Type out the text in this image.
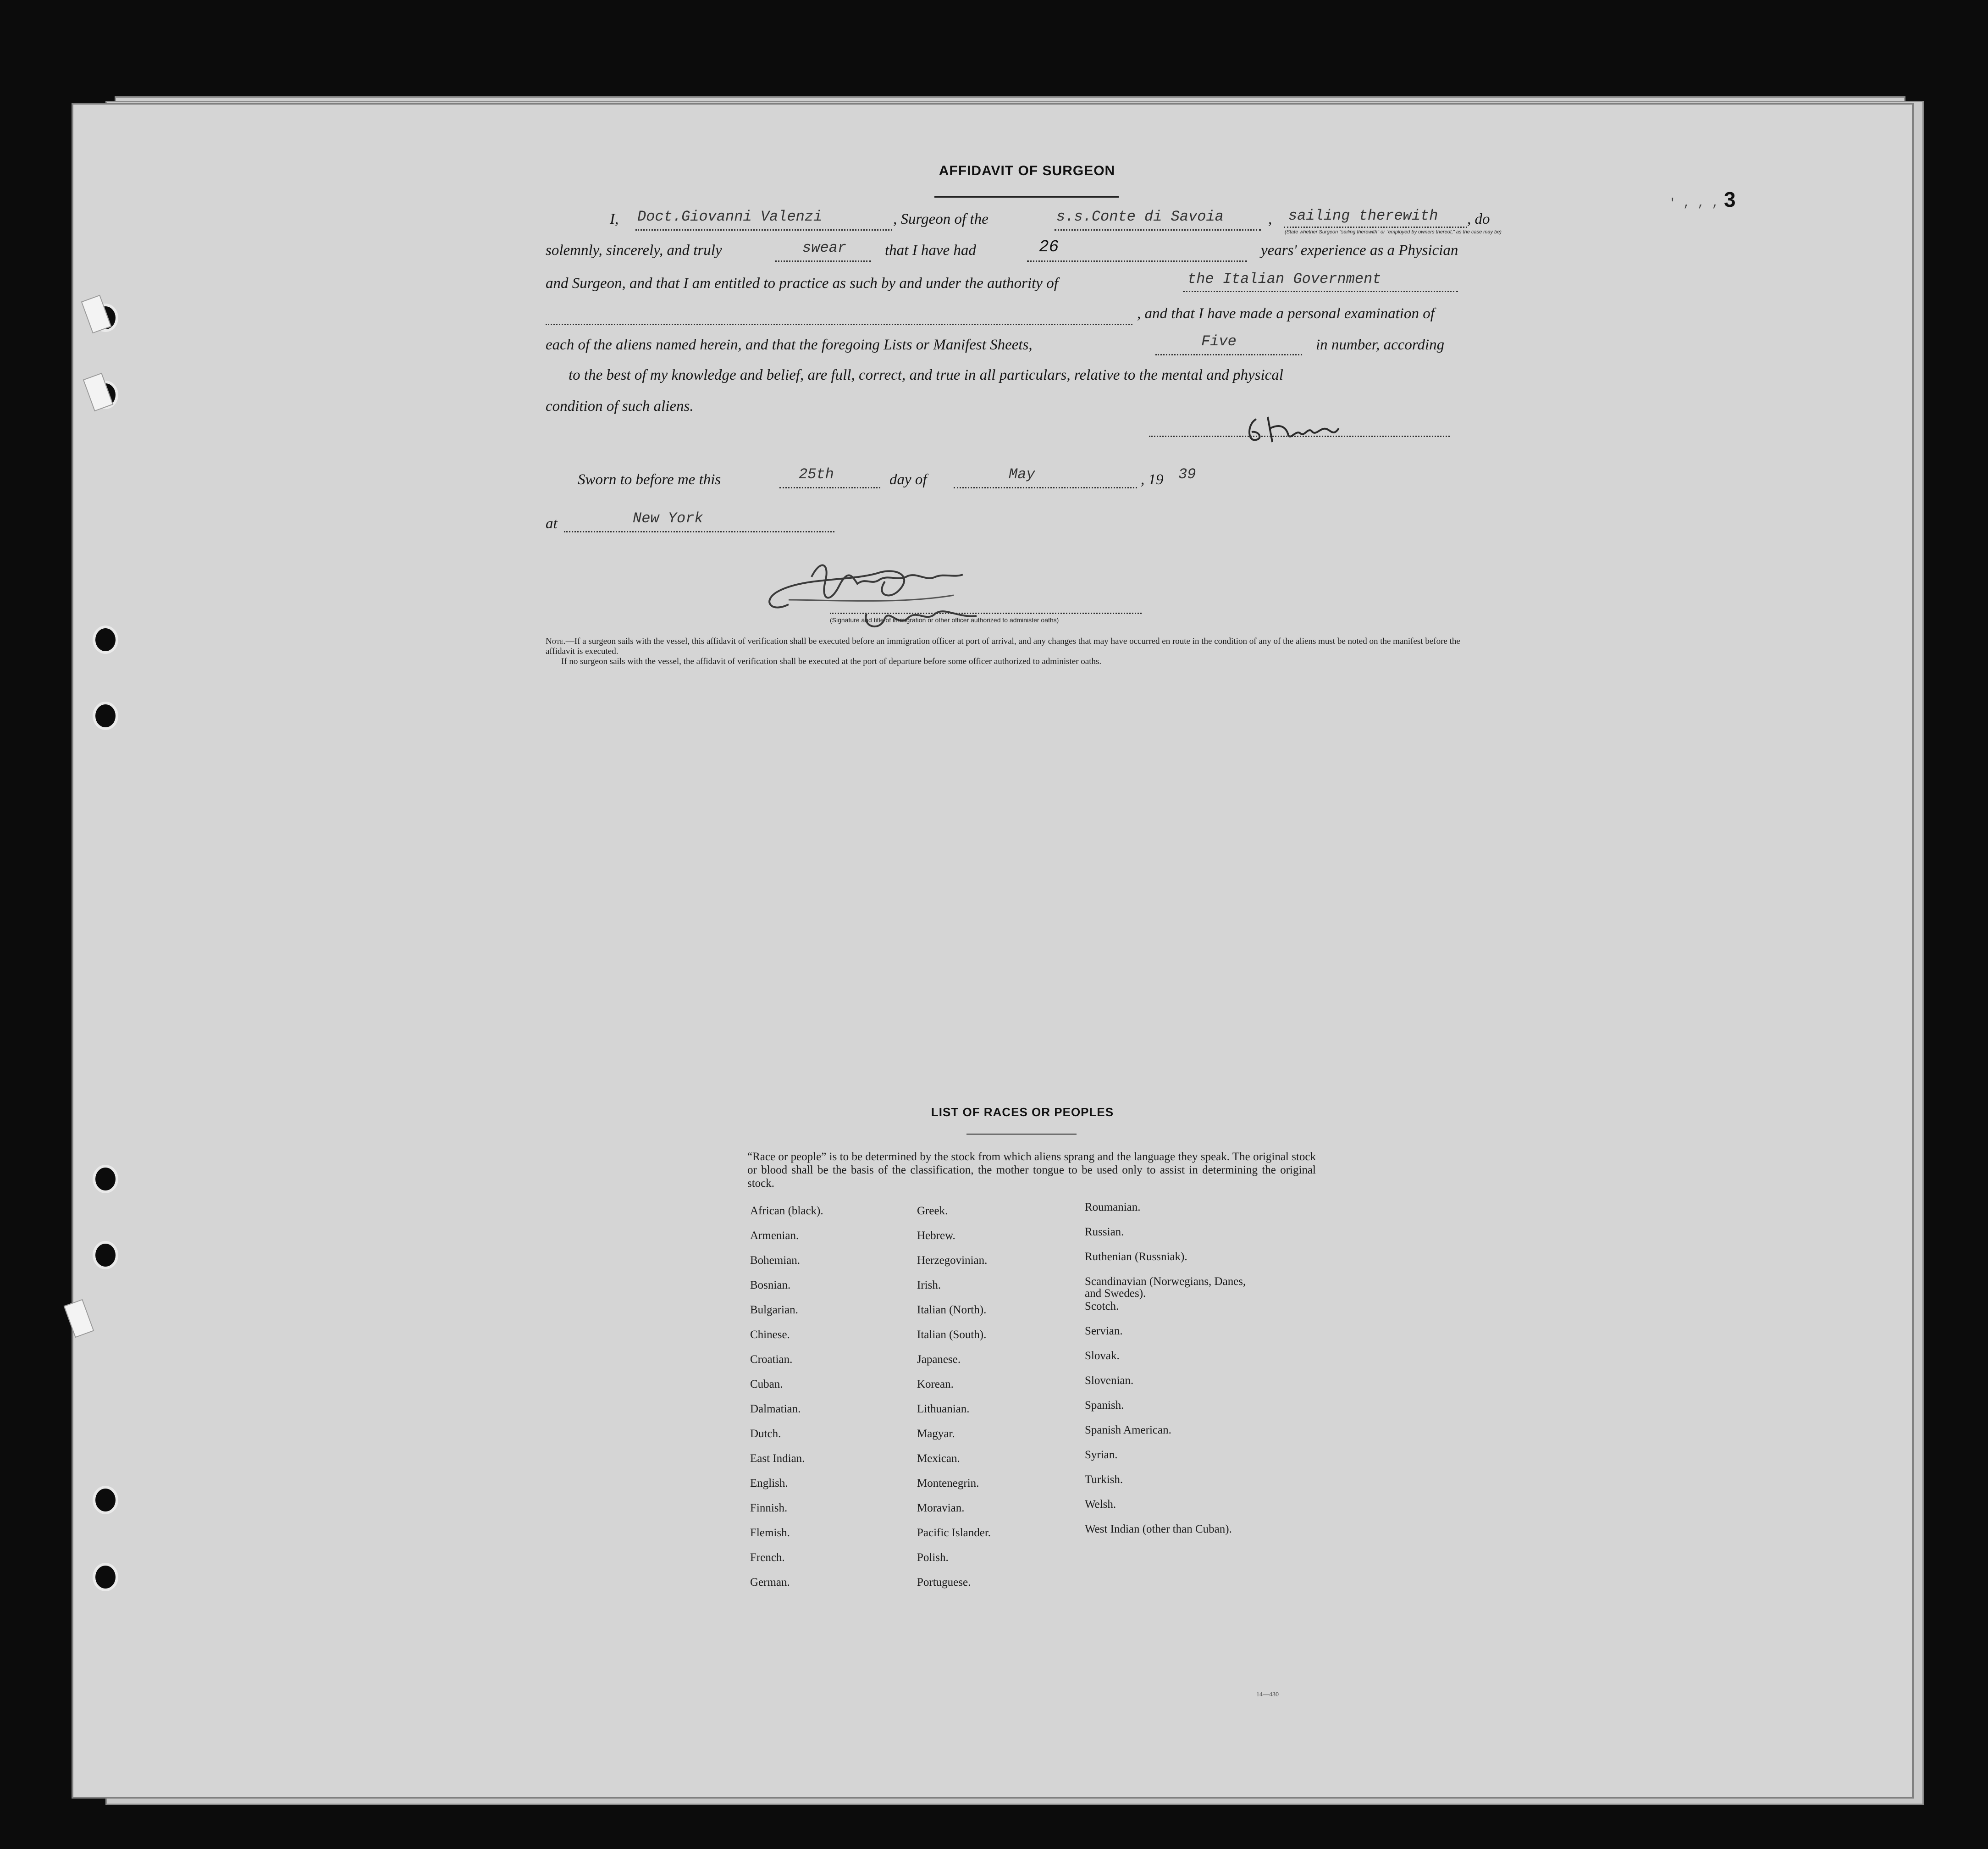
' , , , 3
AFFIDAVIT OF SURGEON
I, Doct.Giovanni Valenzi	, Surgeon of the	s.s.Conte di Savoia	, sailing therewith
(State whether Surgeon "sailing therewith" or "employed by owners thereof," as the case may be)
, do
solemnly, sincerely, and truly	swear	that I have had	26	years' experience as a Physician
and Surgeon, and that I am entitled to practice as such by and under the authority of	the Italian Government
, and that I have made a personal examination of
each of the aliens named herein, and that the foregoing Lists or Manifest Sheets,	Five	in number, according
to the best of my knowledge and belief, are full, correct, and true in all particulars, relative to the mental and physical
condition of such aliens.
Sworn to before me this	25th	day of	May	, 19 39
at	New York
(Signature and title of immigration or other officer authorized to administer oaths)
Note.—If a surgeon sails with the vessel, this affidavit of verification shall be executed before an immigration officer at port of arrival, and any changes that may have occurred en route in the condition of any of the aliens must be noted on the manifest before the affidavit is executed.
If no surgeon sails with the vessel, the affidavit of verification shall be executed at the port of departure before some officer authorized to administer oaths.
LIST OF RACES OR PEOPLES
“Race or people” is to be determined by the stock from which aliens sprang and the language they speak. The original stock or blood shall be the basis of the classification, the mother tongue to be used only to assist in determining the original stock.
African (black).
Armenian.
Bohemian.
Bosnian.
Bulgarian.
Chinese.
Croatian.
Cuban.
Dalmatian.
Dutch.
East Indian.
English.
Finnish.
Flemish.
French.
German.
Greek.
Hebrew.
Herzegovinian.
Irish.
Italian (North).
Italian (South).
Japanese.
Korean.
Lithuanian.
Magyar.
Mexican.
Montenegrin.
Moravian.
Pacific Islander.
Polish.
Portuguese.
Roumanian.
Russian.
Ruthenian (Russniak).
Scandinavian (Norwegians, Danes, and Swedes).
Scotch.
Servian.
Slovak.
Slovenian.
Spanish.
Spanish American.
Syrian.
Turkish.
Welsh.
West Indian (other than Cuban).
14—430
